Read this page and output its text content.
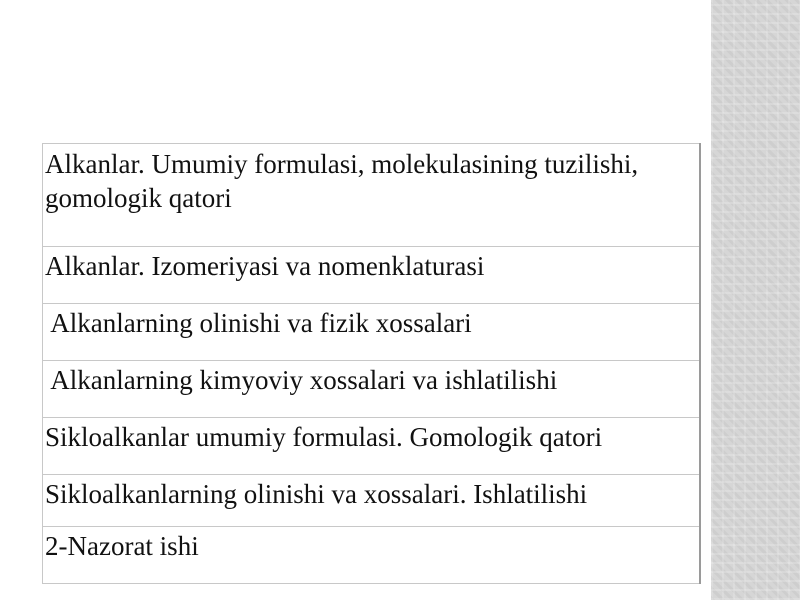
Alkanlar. Umumiy formulasi, molekulasining tuzilishi, gomologik qatori
Alkanlar. Izomeriyasi va nomenklaturasi
Alkanlarning olinishi va fizik xossalari
Alkanlarning kimyoviy xossalari va ishlatilishi
Sikloalkanlar umumiy formulasi. Gomologik qatori
Sikloalkanlarning olinishi va xossalari. Ishlatilishi
2-Nazorat ishi
